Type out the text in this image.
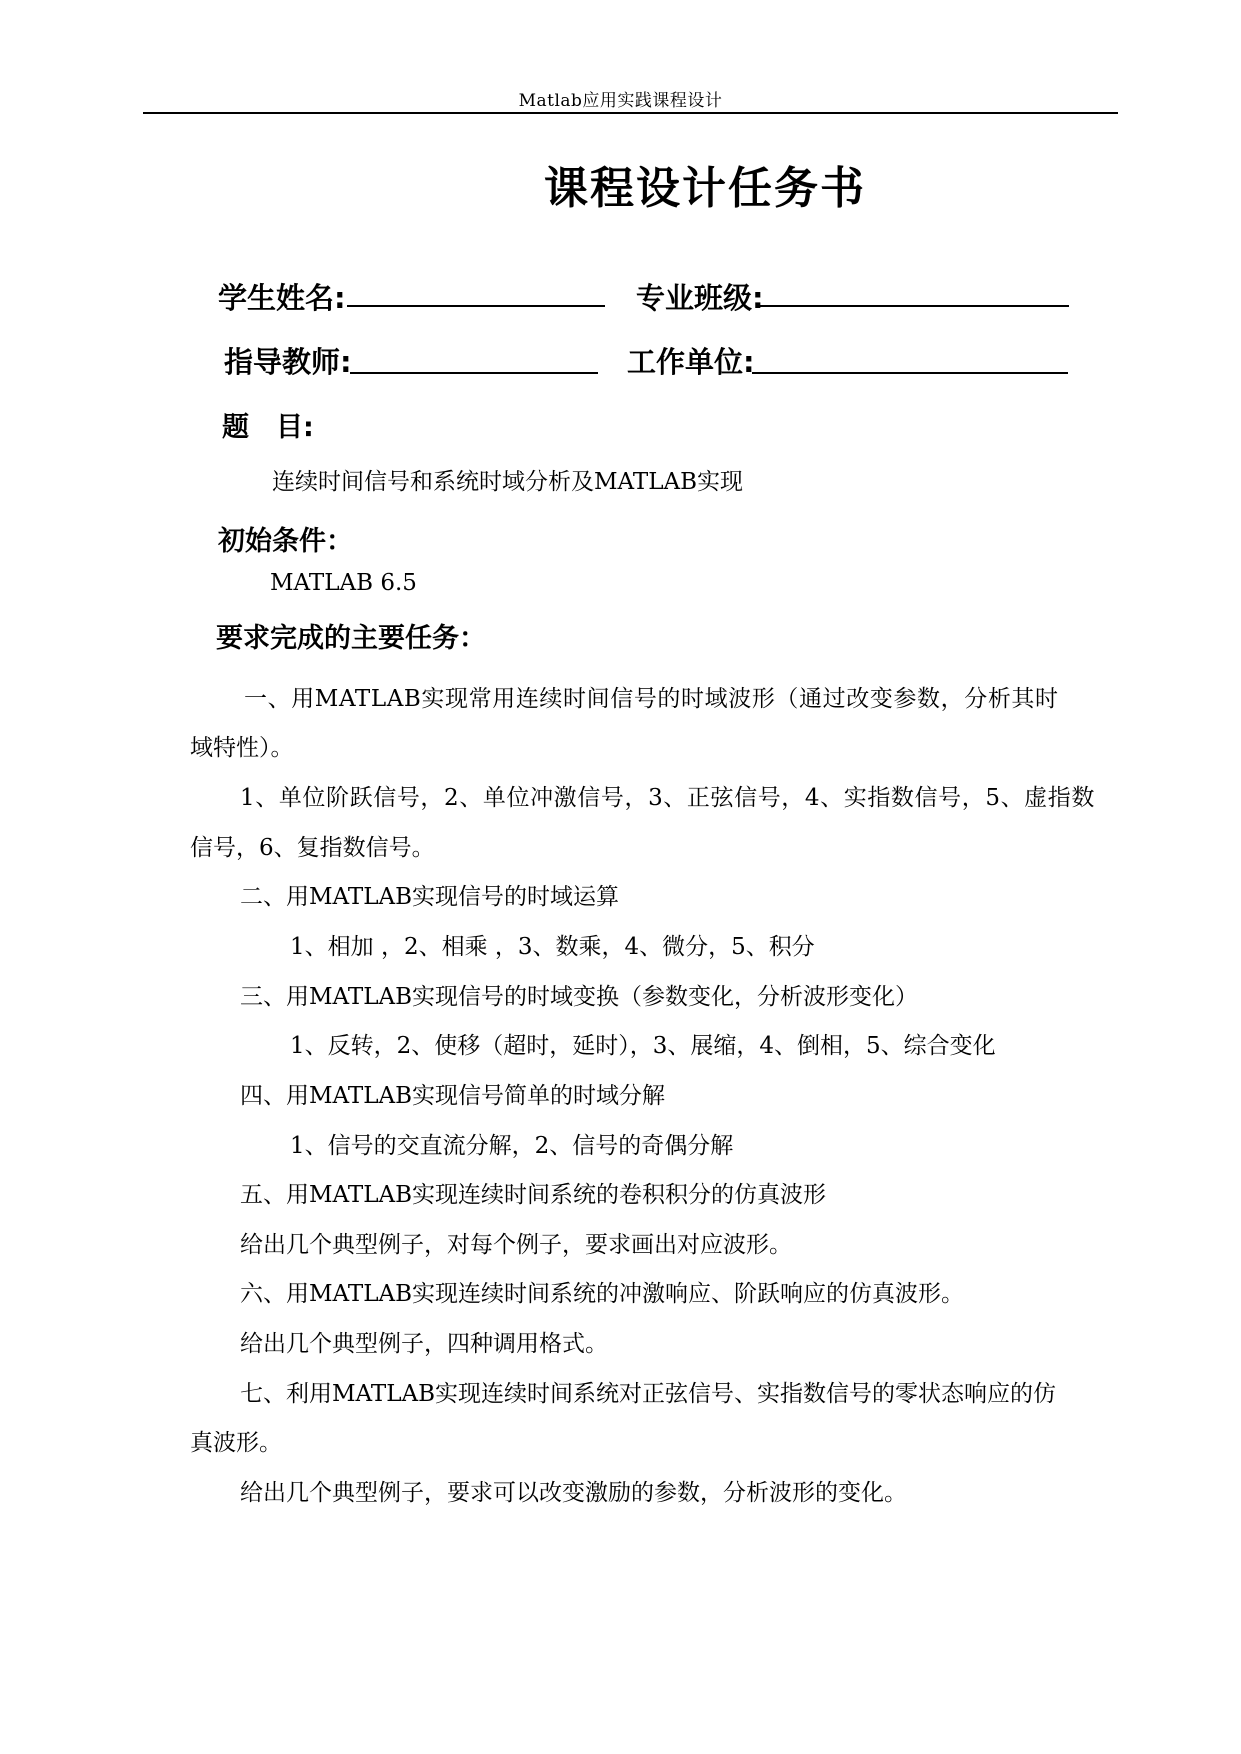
Matlab应用实践课程设计
课程设计任务书
学生姓名:	专业班级:
指导教师:	工作单位:
题　目:
连续时间信号和系统时域分析及MATLAB实现
初始条件：
MATLAB 6.5
要求完成的主要任务：
一、用MATLAB实现常用连续时间信号的时域波形（通过改变参数，分析其时
域特性）。
1、单位阶跃信号，2、单位冲激信号，3、正弦信号，4、实指数信号，5、虚指数
信号，6、复指数信号。
二、用MATLAB实现信号的时域运算
1、相加 ，2、相乘 ，3、数乘，4、微分，5、积分
三、用MATLAB实现信号的时域变换（参数变化，分析波形变化）
1、反转，2、使移（超时，延时），3、展缩，4、倒相，5、综合变化
四、用MATLAB实现信号简单的时域分解
1、信号的交直流分解，2、信号的奇偶分解
五、用MATLAB实现连续时间系统的卷积积分的仿真波形
给出几个典型例子，对每个例子，要求画出对应波形。
六、用MATLAB实现连续时间系统的冲激响应、阶跃响应的仿真波形。
给出几个典型例子，四种调用格式。
七、利用MATLAB实现连续时间系统对正弦信号、实指数信号的零状态响应的仿
真波形。
给出几个典型例子，要求可以改变激励的参数，分析波形的变化。
